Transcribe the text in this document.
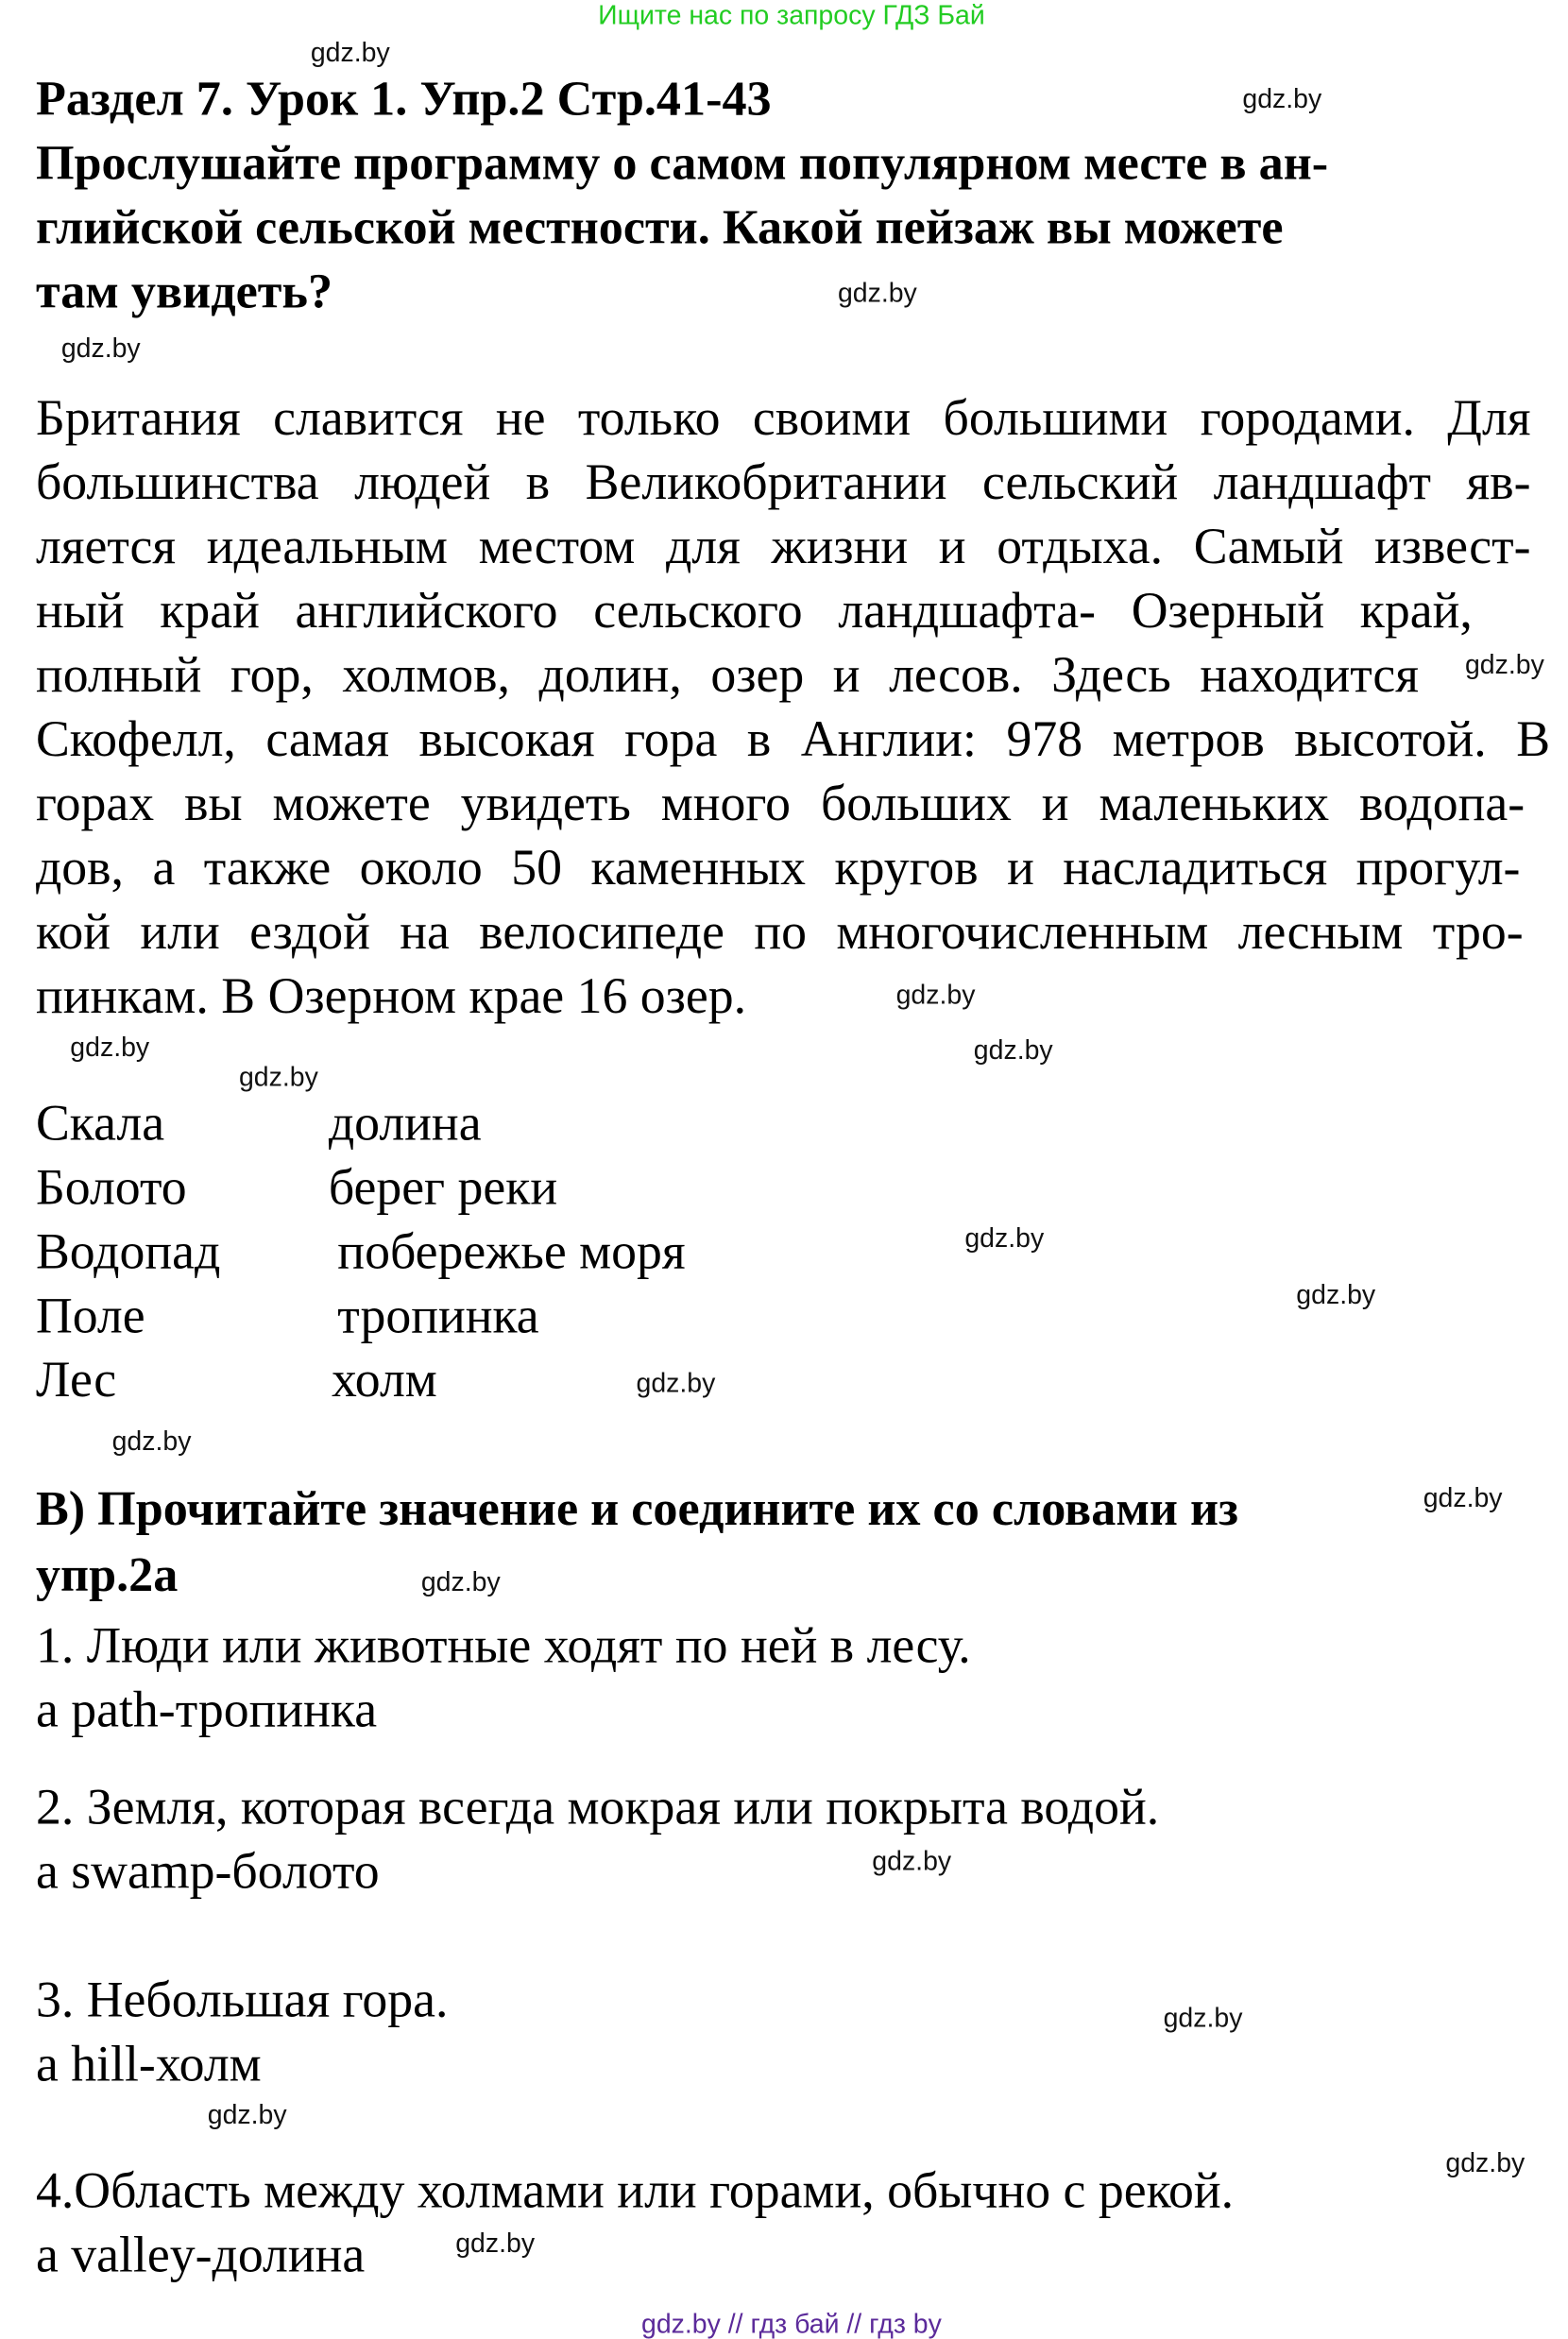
Ищите нас по запросу ГДЗ Бай
Раздел 7. Урок 1. Упр.2 Стр.41-43
Прослушайте программу о самом популярном месте в ан-
глийской сельской местности. Какой пейзаж вы можете
там увидеть?
Британия славится не только своими большими городами. Для
большинства людей в Великобритании сельский ландшафт яв-
ляется идеальным местом для жизни и отдыха. Самый извест-
ный край английского сельского ландшафта- Озерный край,
полный гор, холмов, долин, озер и лесов. Здесь находится
Скофелл, самая высокая гора в Англии: 978 метров высотой. В
горах вы можете увидеть много больших и маленьких водопа-
дов, а также около 50 каменных кругов и насладиться прогул-
кой или ездой на велосипеде по многочисленным лесным тро-
пинкам. В Озерном крае 16 озер.
Скала	долина
Болото	берег реки
Водопад	побережье моря
Поле	тропинка
Лес	холм
B) Прочитайте значение и соедините их со словами из
упр.2а
1. Люди или животные ходят по ней в лесу.
a path-тропинка
2. Земля, которая всегда мокрая или покрыта водой.
a swamp-болото
3. Небольшая гора.
a hill-холм
4.Область между холмами или горами, обычно с рекой.
a valley-долина
gdz.by
gdz.by
gdz.by
gdz.by
gdz.by
gdz.by
gdz.by
gdz.by
gdz.by
gdz.by
gdz.by
gdz.by
gdz.by
gdz.by
gdz.by
gdz.by
gdz.by
gdz.by
gdz.by
gdz.by
gdz.by // гдз бай // гдз by
